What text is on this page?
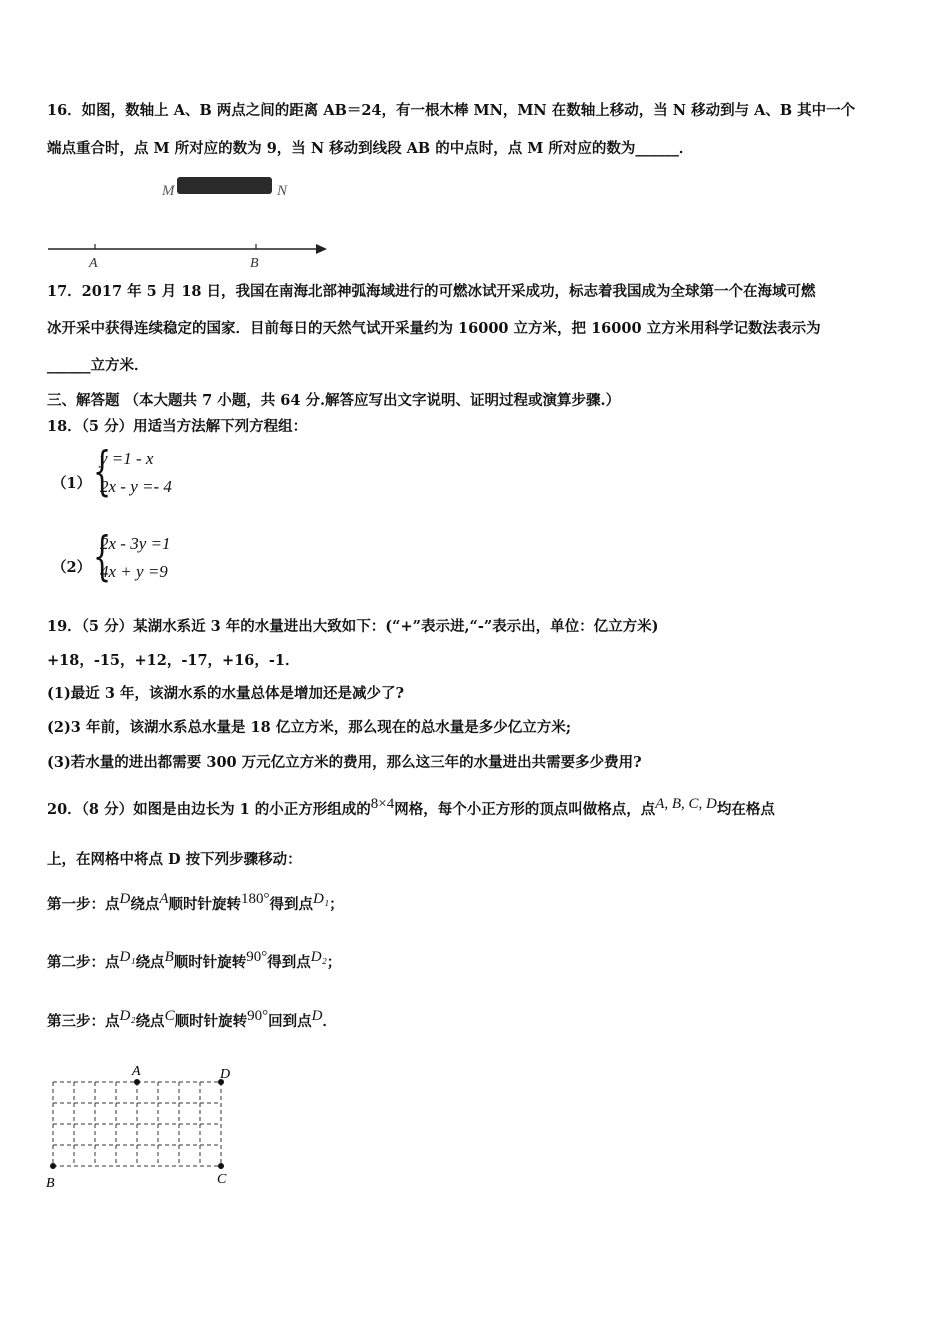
16．如图，数轴上 A、B 两点之间的距离 AB＝24，有一根木棒 MN，MN 在数轴上移动，当 N 移动到与 A、B 其中一个
端点重合时，点 M 所对应的数为 9，当 N 移动到线段 AB 的中点时，点 M 所对应的数为______．
M	N
A	B
17．2017 年 5 月 18 日，我国在南海北部神弧海域进行的可燃冰试开采成功，标志着我国成为全球第一个在海域可燃
冰开采中获得连续稳定的国家．目前每日的天然气试开采量约为 16000 立方米，把 16000 立方米用科学记数法表示为
______立方米．
三、解答题 （本大题共 7 小题，共 64 分.解答应写出文字说明、证明过程或演算步骤.）
18．（5 分）用适当方法解下列方程组：
（1） {
y =1 - x
2x - y =- 4
（2） {
2x - 3y =1
4x + y =9
19．（5 分）某湖水系近 3 年的水量进出大致如下：(“+”表示进,“-”表示出，单位：亿立方米)
+18，-15，+12，-17，+16，-1．
(1)最近 3 年，该湖水系的水量总体是增加还是减少了?
(2)3 年前，该湖水系总水量是 18 亿立方米，那么现在的总水量是多少亿立方米;
(3)若水量的进出都需要 300 万元亿立方米的费用，那么这三年的水量进出共需要多少费用?
20．（8 分）如图是由边长为 1 的小正方形组成的8×4网格，每个小正方形的顶点叫做格点，点A, B, C, D均在格点
上，在网格中将点 D 按下列步骤移动：
第一步：点D绕点A顺时针旋转180°得到点D₁；
第二步：点D₁绕点B顺时针旋转90°得到点D₂；
第三步：点D₂绕点C顺时针旋转90°回到点D．
A	D
B	C
